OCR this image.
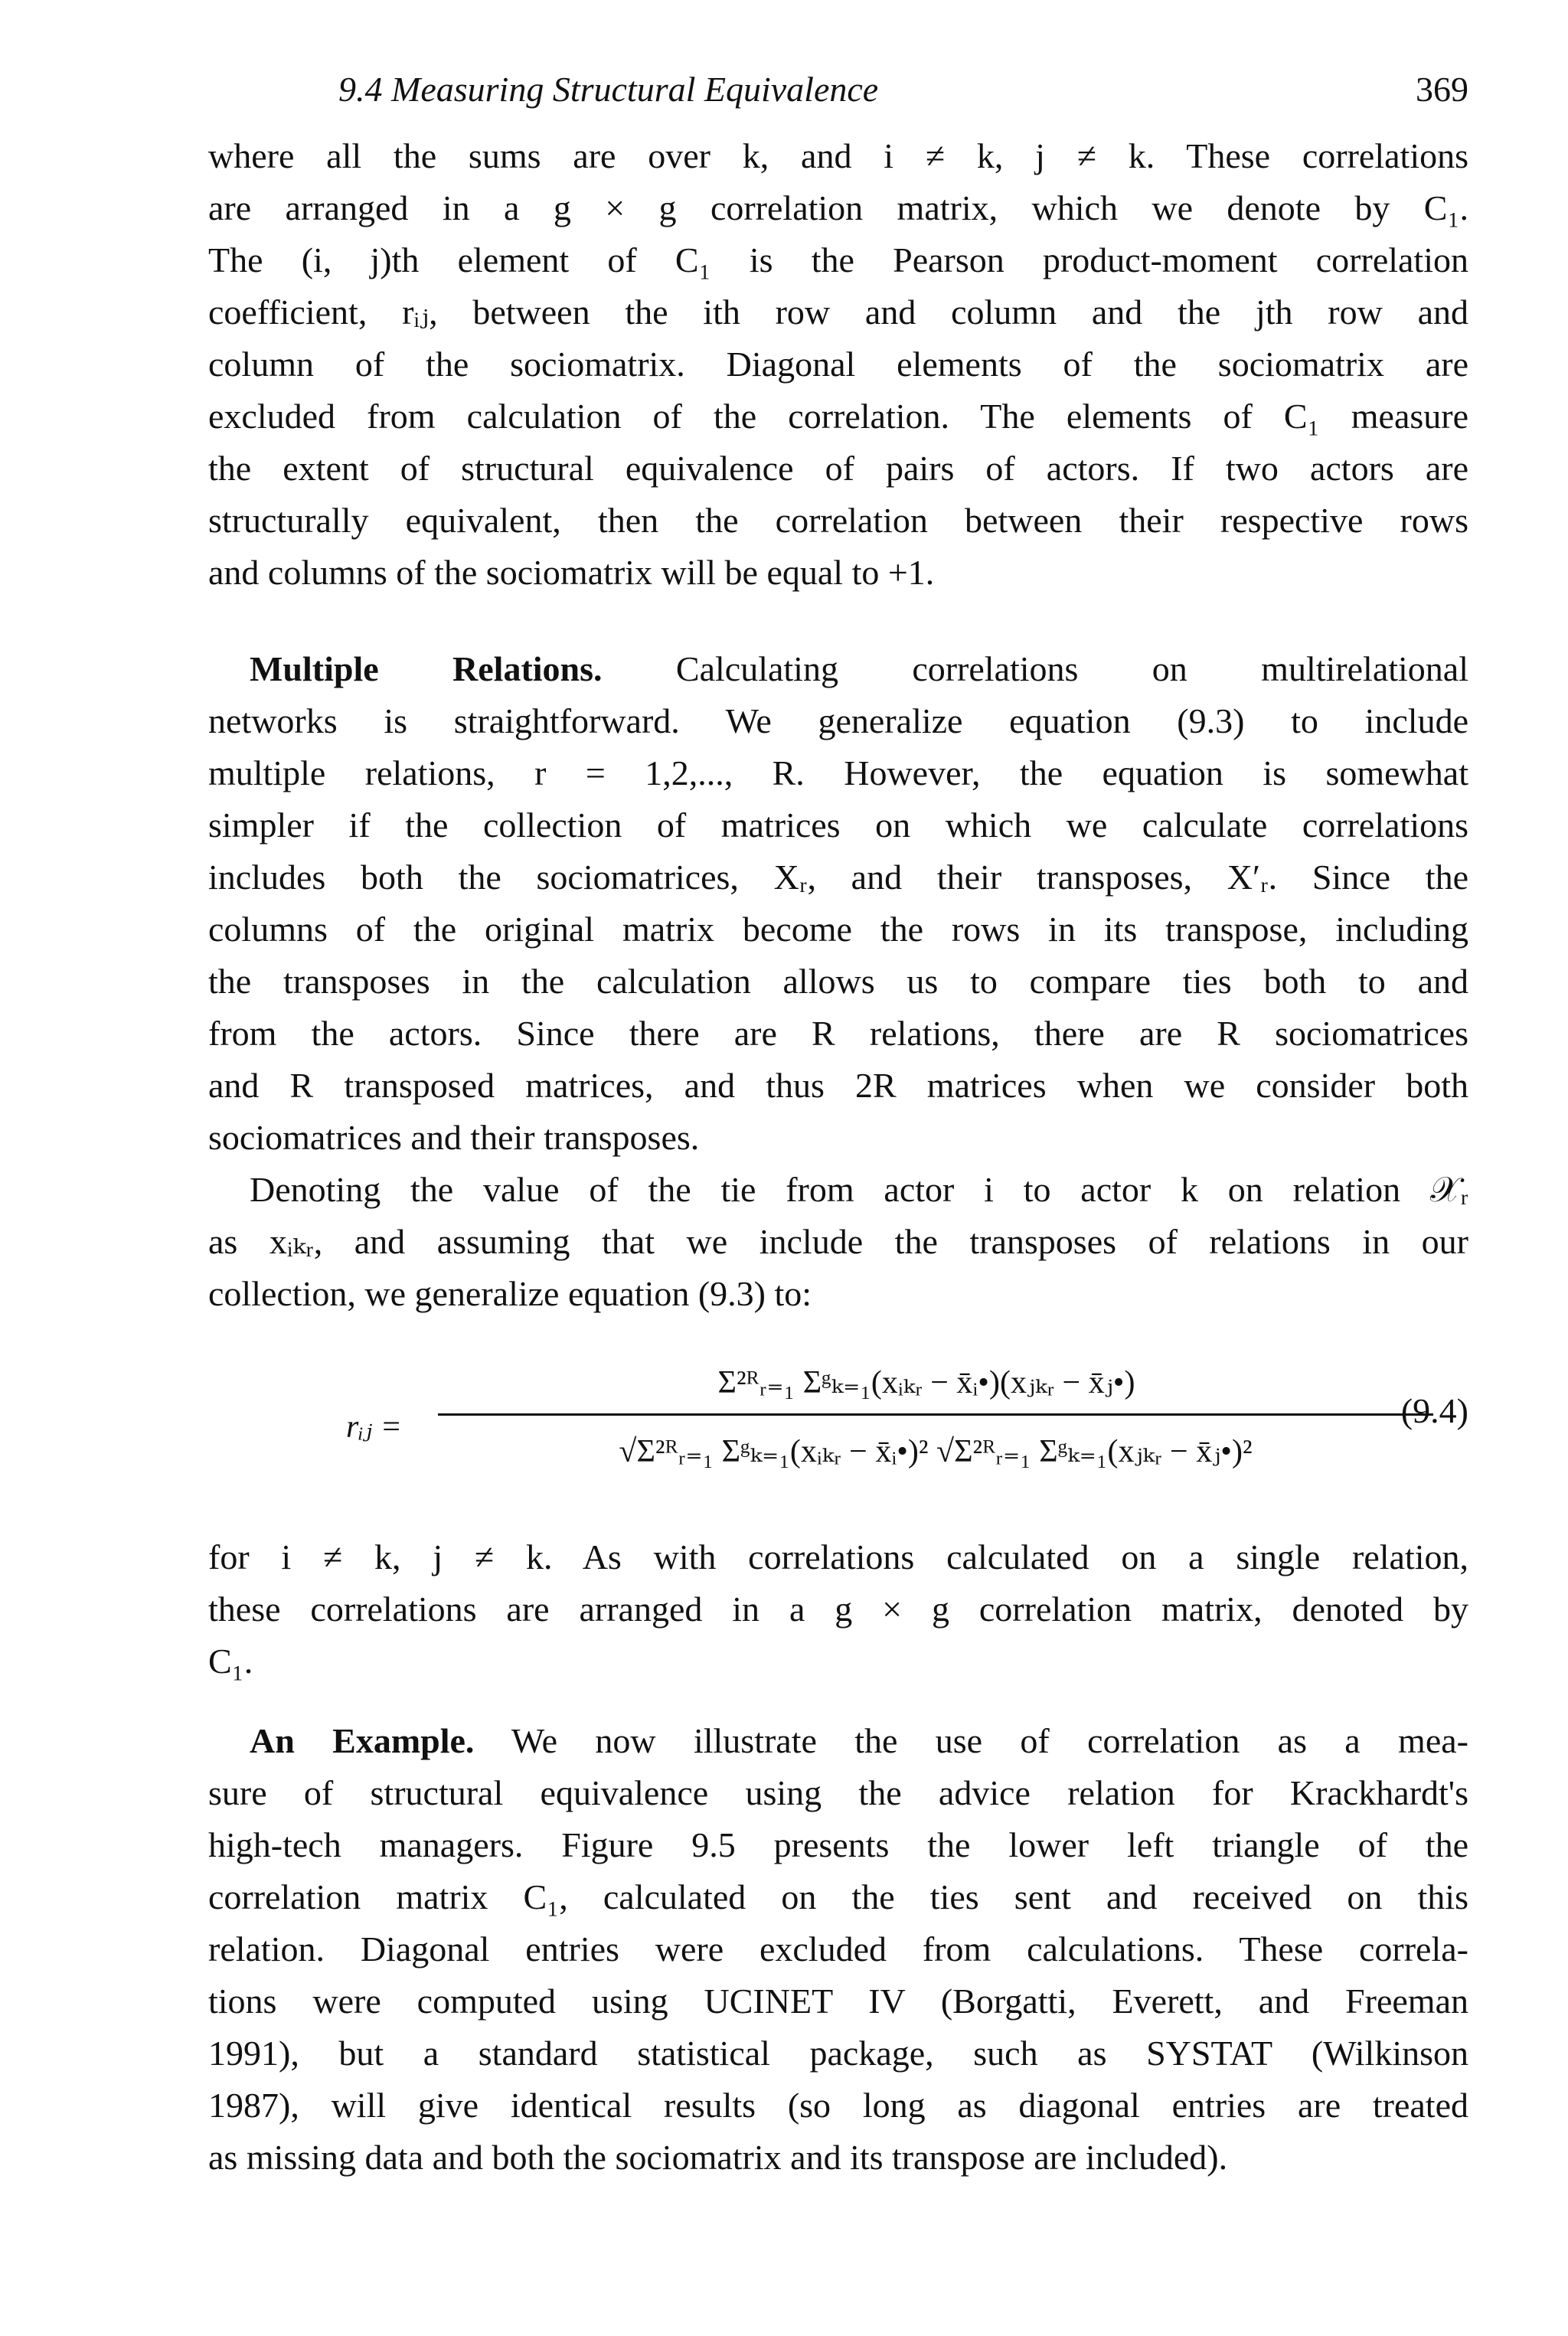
9.4 Measuring Structural Equivalence	369
where all the sums are over k, and i ≠ k, j ≠ k. These correlations
are arranged in a g × g correlation matrix, which we denote by C₁.
The (i, j)th element of C₁ is the Pearson product-moment correlation
coefficient, rᵢⱼ, between the ith row and column and the jth row and
column of the sociomatrix. Diagonal elements of the sociomatrix are
excluded from calculation of the correlation. The elements of C₁ measure
the extent of structural equivalence of pairs of actors. If two actors are
structurally equivalent, then the correlation between their respective rows
and columns of the sociomatrix will be equal to +1.
Multiple Relations. Calculating correlations on multirelational
networks is straightforward. We generalize equation (9.3) to include
multiple relations, r = 1,2,..., R. However, the equation is somewhat
simpler if the collection of matrices on which we calculate correlations
includes both the sociomatrices, Xᵣ, and their transposes, X′ᵣ. Since the
columns of the original matrix become the rows in its transpose, including
the transposes in the calculation allows us to compare ties both to and
from the actors. Since there are R relations, there are R sociomatrices
and R transposed matrices, and thus 2R matrices when we consider both
sociomatrices and their transposes.
Denoting the value of the tie from actor i to actor k on relation 𝒳ᵣ
as xᵢₖᵣ, and assuming that we include the transposes of relations in our
collection, we generalize equation (9.3) to:
rᵢⱼ =
Σ²ᴿᵣ₌₁ Σᵍₖ₌₁(xᵢₖᵣ − x̄ᵢ•)(xⱼₖᵣ − x̄ⱼ•)
√Σ²ᴿᵣ₌₁ Σᵍₖ₌₁(xᵢₖᵣ − x̄ᵢ•)² √Σ²ᴿᵣ₌₁ Σᵍₖ₌₁(xⱼₖᵣ − x̄ⱼ•)²
(9.4)
for i ≠ k, j ≠ k. As with correlations calculated on a single relation,
these correlations are arranged in a g × g correlation matrix, denoted by
C₁.
An Example. We now illustrate the use of correlation as a mea-
sure of structural equivalence using the advice relation for Krackhardt's
high-tech managers. Figure 9.5 presents the lower left triangle of the
correlation matrix C₁, calculated on the ties sent and received on this
relation. Diagonal entries were excluded from calculations. These correla-
tions were computed using UCINET IV (Borgatti, Everett, and Freeman
1991), but a standard statistical package, such as SYSTAT (Wilkinson
1987), will give identical results (so long as diagonal entries are treated
as missing data and both the sociomatrix and its transpose are included).
